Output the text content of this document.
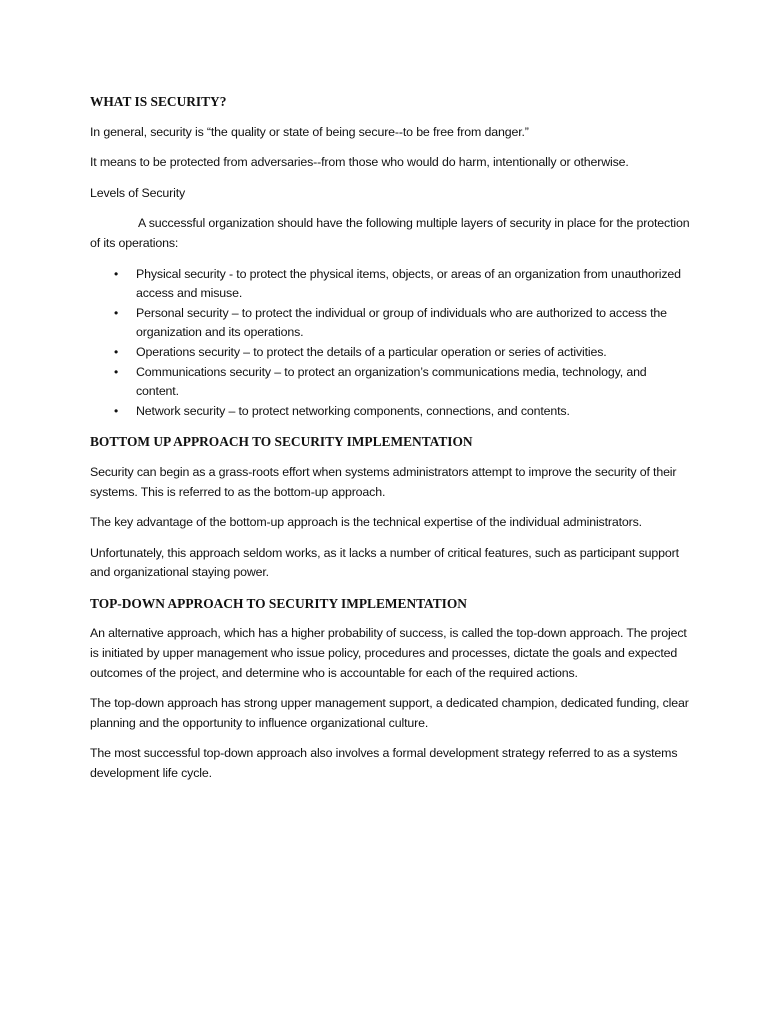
WHAT IS SECURITY?

In general, security is “the quality or state of being secure--to be free from danger.”

It means to be protected from adversaries--from those who would do harm, intentionally or otherwise.

Levels of Security

A successful organization should have the following multiple layers of security in place for the protection of its operations:

• Physical security - to protect the physical items, objects, or areas of an organization from unauthorized access and misuse.
• Personal security – to protect the individual or group of individuals who are authorized to access the organization and its operations.
• Operations security – to protect the details of a particular operation or series of activities.
• Communications security – to protect an organization’s communications media, technology, and content.
• Network security – to protect networking components, connections, and contents.
BOTTOM UP APPROACH TO SECURITY IMPLEMENTATION

Security can begin as a grass-roots effort when systems administrators attempt to improve the security of their systems. This is referred to as the bottom-up approach.

The key advantage of the bottom-up approach is the technical expertise of the individual administrators.

Unfortunately, this approach seldom works, as it lacks a number of critical features, such as participant support and organizational staying power.

TOP-DOWN APPROACH TO SECURITY IMPLEMENTATION

An alternative approach, which has a higher probability of success, is called the top-down approach. The project is initiated by upper management who issue policy, procedures and processes, dictate the goals and expected outcomes of the project, and determine who is accountable for each of the required actions.

The top-down approach has strong upper management support, a dedicated champion, dedicated funding, clear planning and the opportunity to influence organizational culture.

The most successful top-down approach also involves a formal development strategy referred to as a systems development life cycle.
